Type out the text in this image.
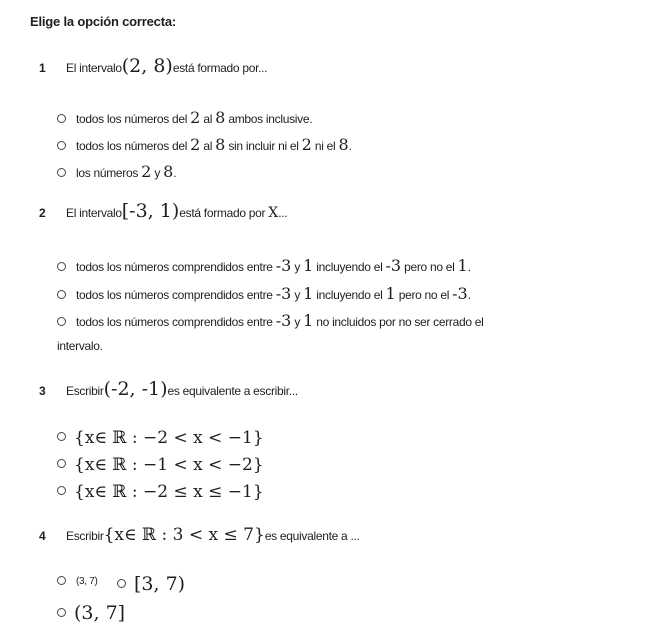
Elige la opción correcta:
1 El intervalo(2, 8)está formado por...
todos los números del 2 al 8 ambos inclusive.
todos los números del 2 al 8 sin incluir ni el 2 ni el 8.
los números 2 y 8.
2 El intervalo[-3, 1)está formado por X...
todos los números comprendidos entre -3 y 1 incluyendo el -3 pero no el 1.
todos los números comprendidos entre -3 y 1 incluyendo el 1 pero no el -3.
todos los números comprendidos entre -3 y 1 no incluidos por no ser cerrado el
intervalo.
3 Escribir(-2, -1)es equivalente a escribir...
{x∈ ℝ : −2 < x < −1}
{x∈ ℝ : −1 < x < −2}
{x∈ ℝ : −2 ≤ x ≤ −1}
4 Escribir{x∈ ℝ : 3 < x ≤ 7}es equivalente a ...
(3, 7)	[3, 7)
(3, 7]
